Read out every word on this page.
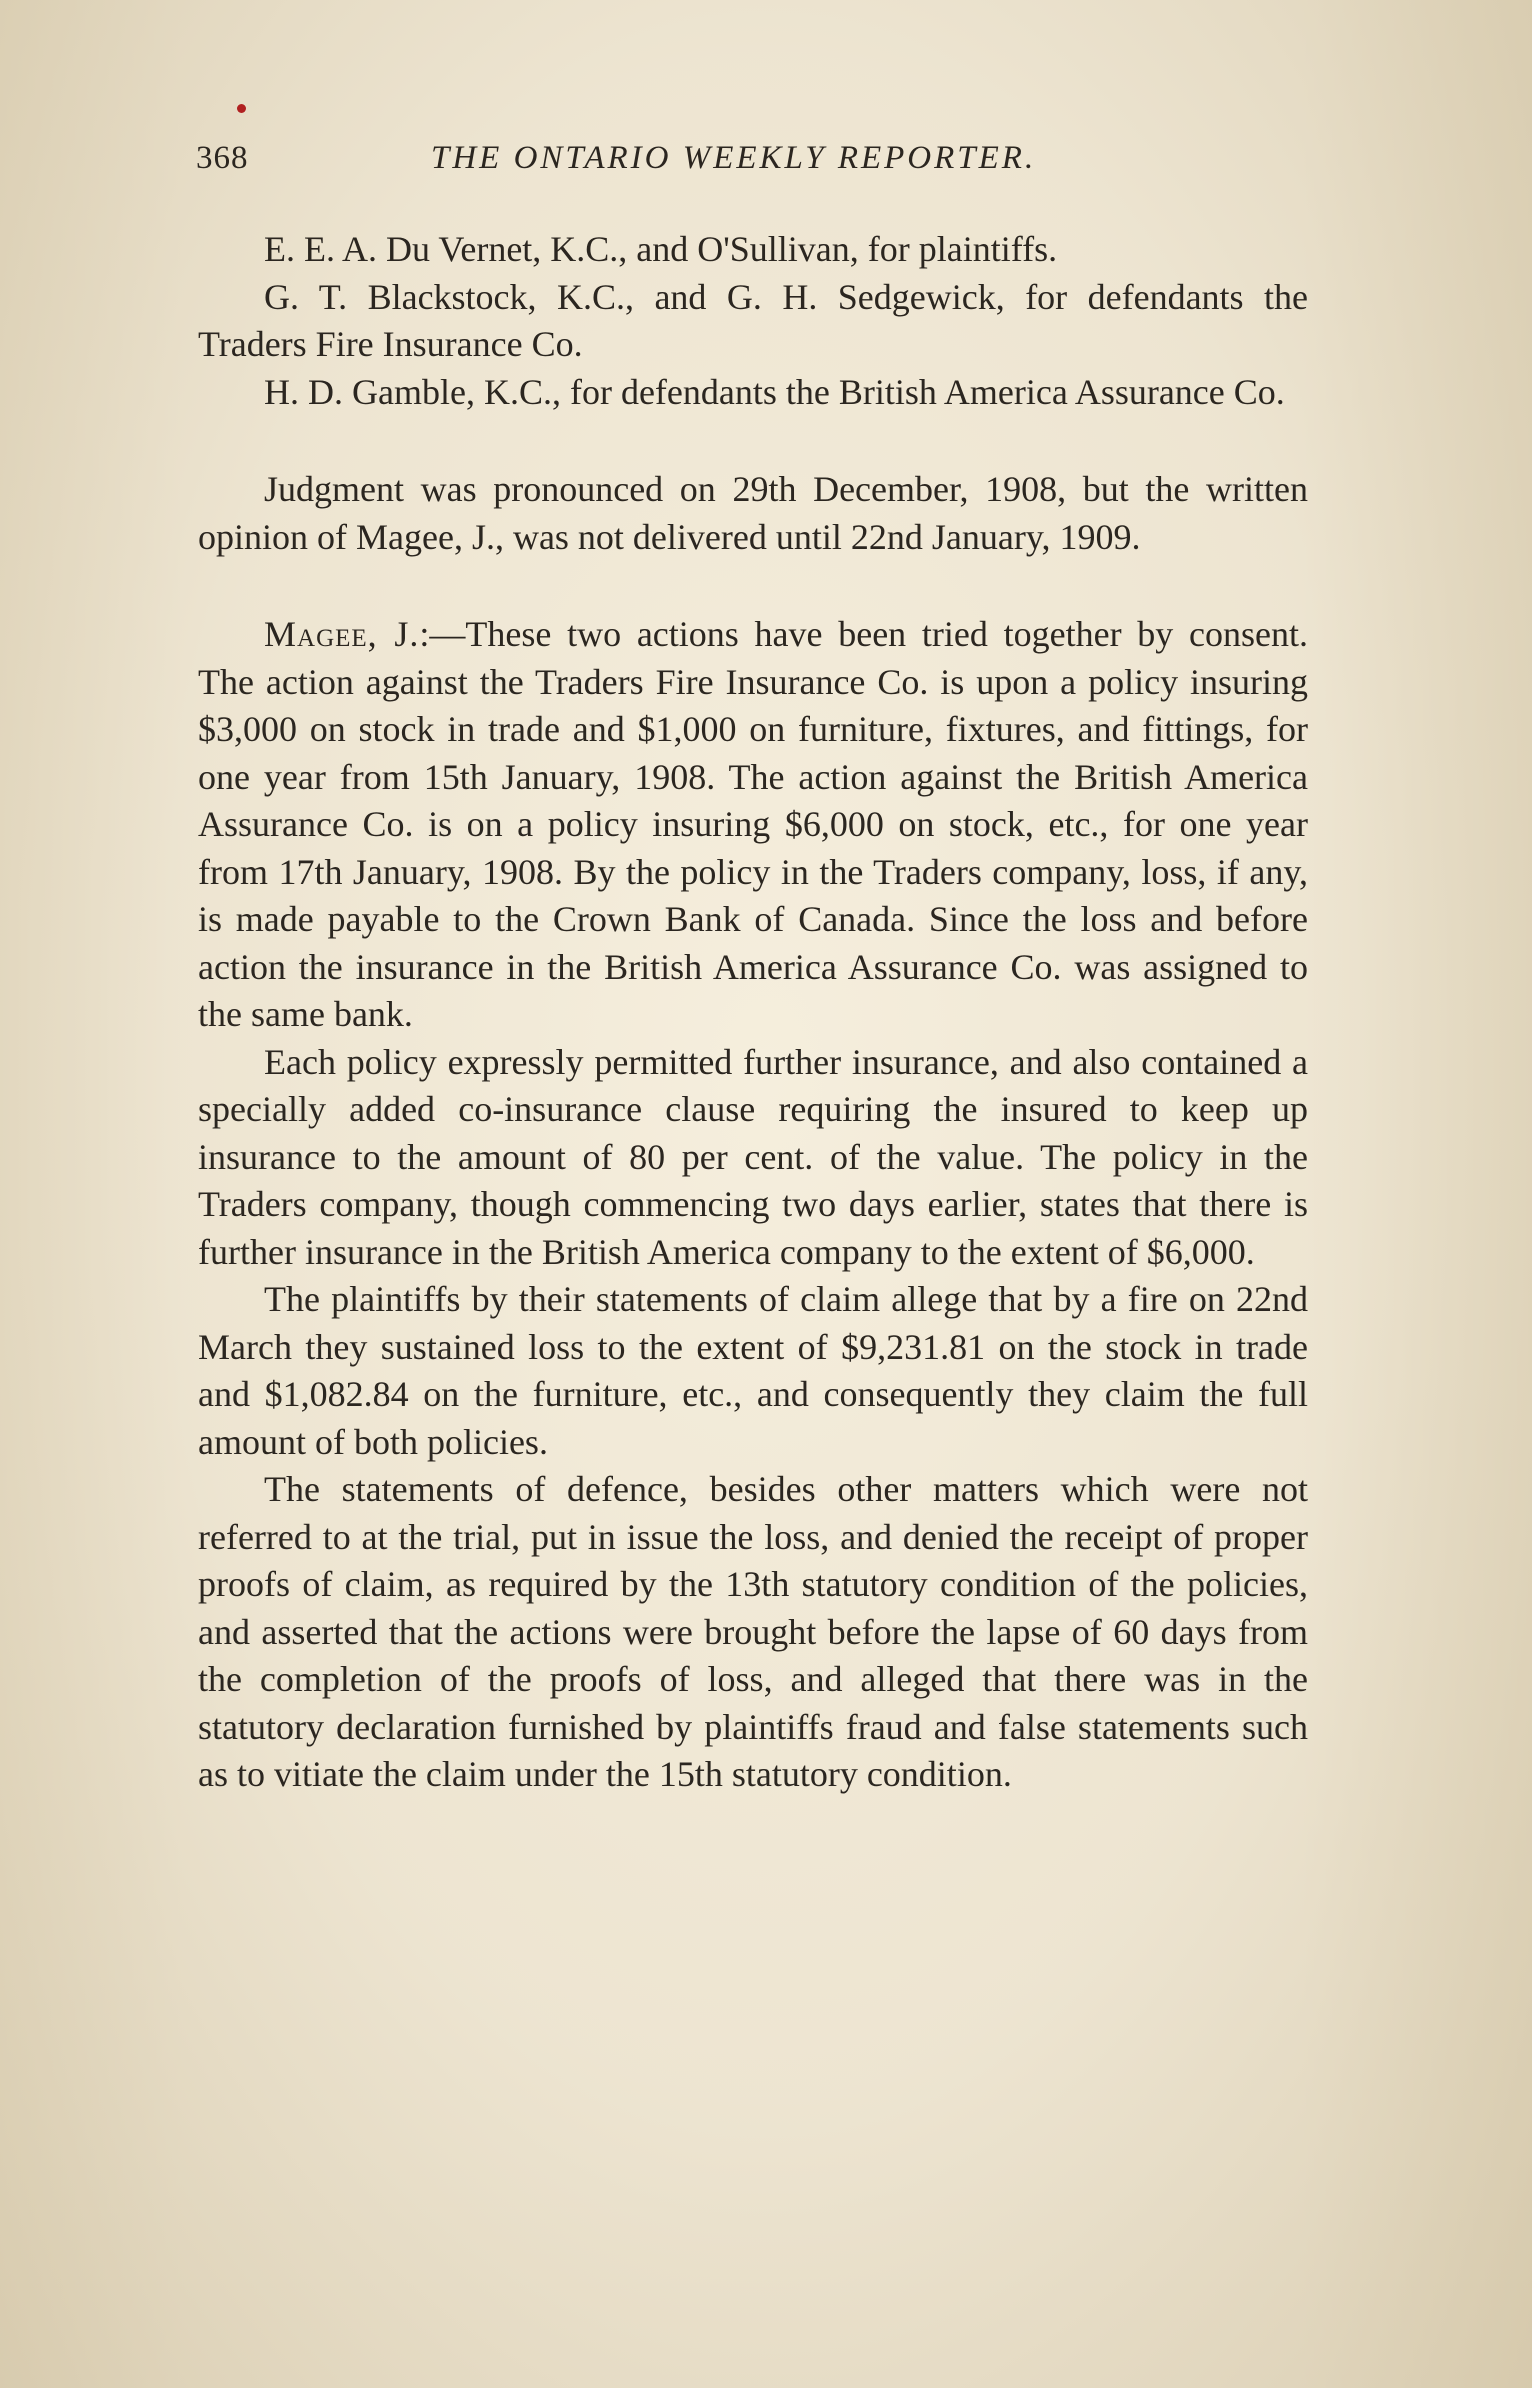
368	THE ONTARIO WEEKLY REPORTER.

E. E. A. Du Vernet, K.C., and O'Sullivan, for plaintiffs.

G. T. Blackstock, K.C., and G. H. Sedgewick, for defendants the Traders Fire Insurance Co.

H. D. Gamble, K.C., for defendants the British America Assurance Co.

Judgment was pronounced on 29th December, 1908, but the written opinion of Magee, J., was not delivered until 22nd January, 1909.

Magee, J.:—These two actions have been tried together by consent. The action against the Traders Fire Insurance Co. is upon a policy insuring $3,000 on stock in trade and $1,000 on furniture, fixtures, and fittings, for one year from 15th January, 1908. The action against the British America Assurance Co. is on a policy insuring $6,000 on stock, etc., for one year from 17th January, 1908. By the policy in the Traders company, loss, if any, is made payable to the Crown Bank of Canada. Since the loss and before action the insurance in the British America Assurance Co. was assigned to the same bank.

Each policy expressly permitted further insurance, and also contained a specially added co-insurance clause requiring the insured to keep up insurance to the amount of 80 per cent. of the value. The policy in the Traders company, though commencing two days earlier, states that there is further insurance in the British America company to the extent of $6,000.

The plaintiffs by their statements of claim allege that by a fire on 22nd March they sustained loss to the extent of $9,231.81 on the stock in trade and $1,082.84 on the furniture, etc., and consequently they claim the full amount of both policies.

The statements of defence, besides other matters which were not referred to at the trial, put in issue the loss, and denied the receipt of proper proofs of claim, as required by the 13th statutory condition of the policies, and asserted that the actions were brought before the lapse of 60 days from the completion of the proofs of loss, and alleged that there was in the statutory declaration furnished by plaintiffs fraud and false statements such as to vitiate the claim under the 15th statutory condition.
